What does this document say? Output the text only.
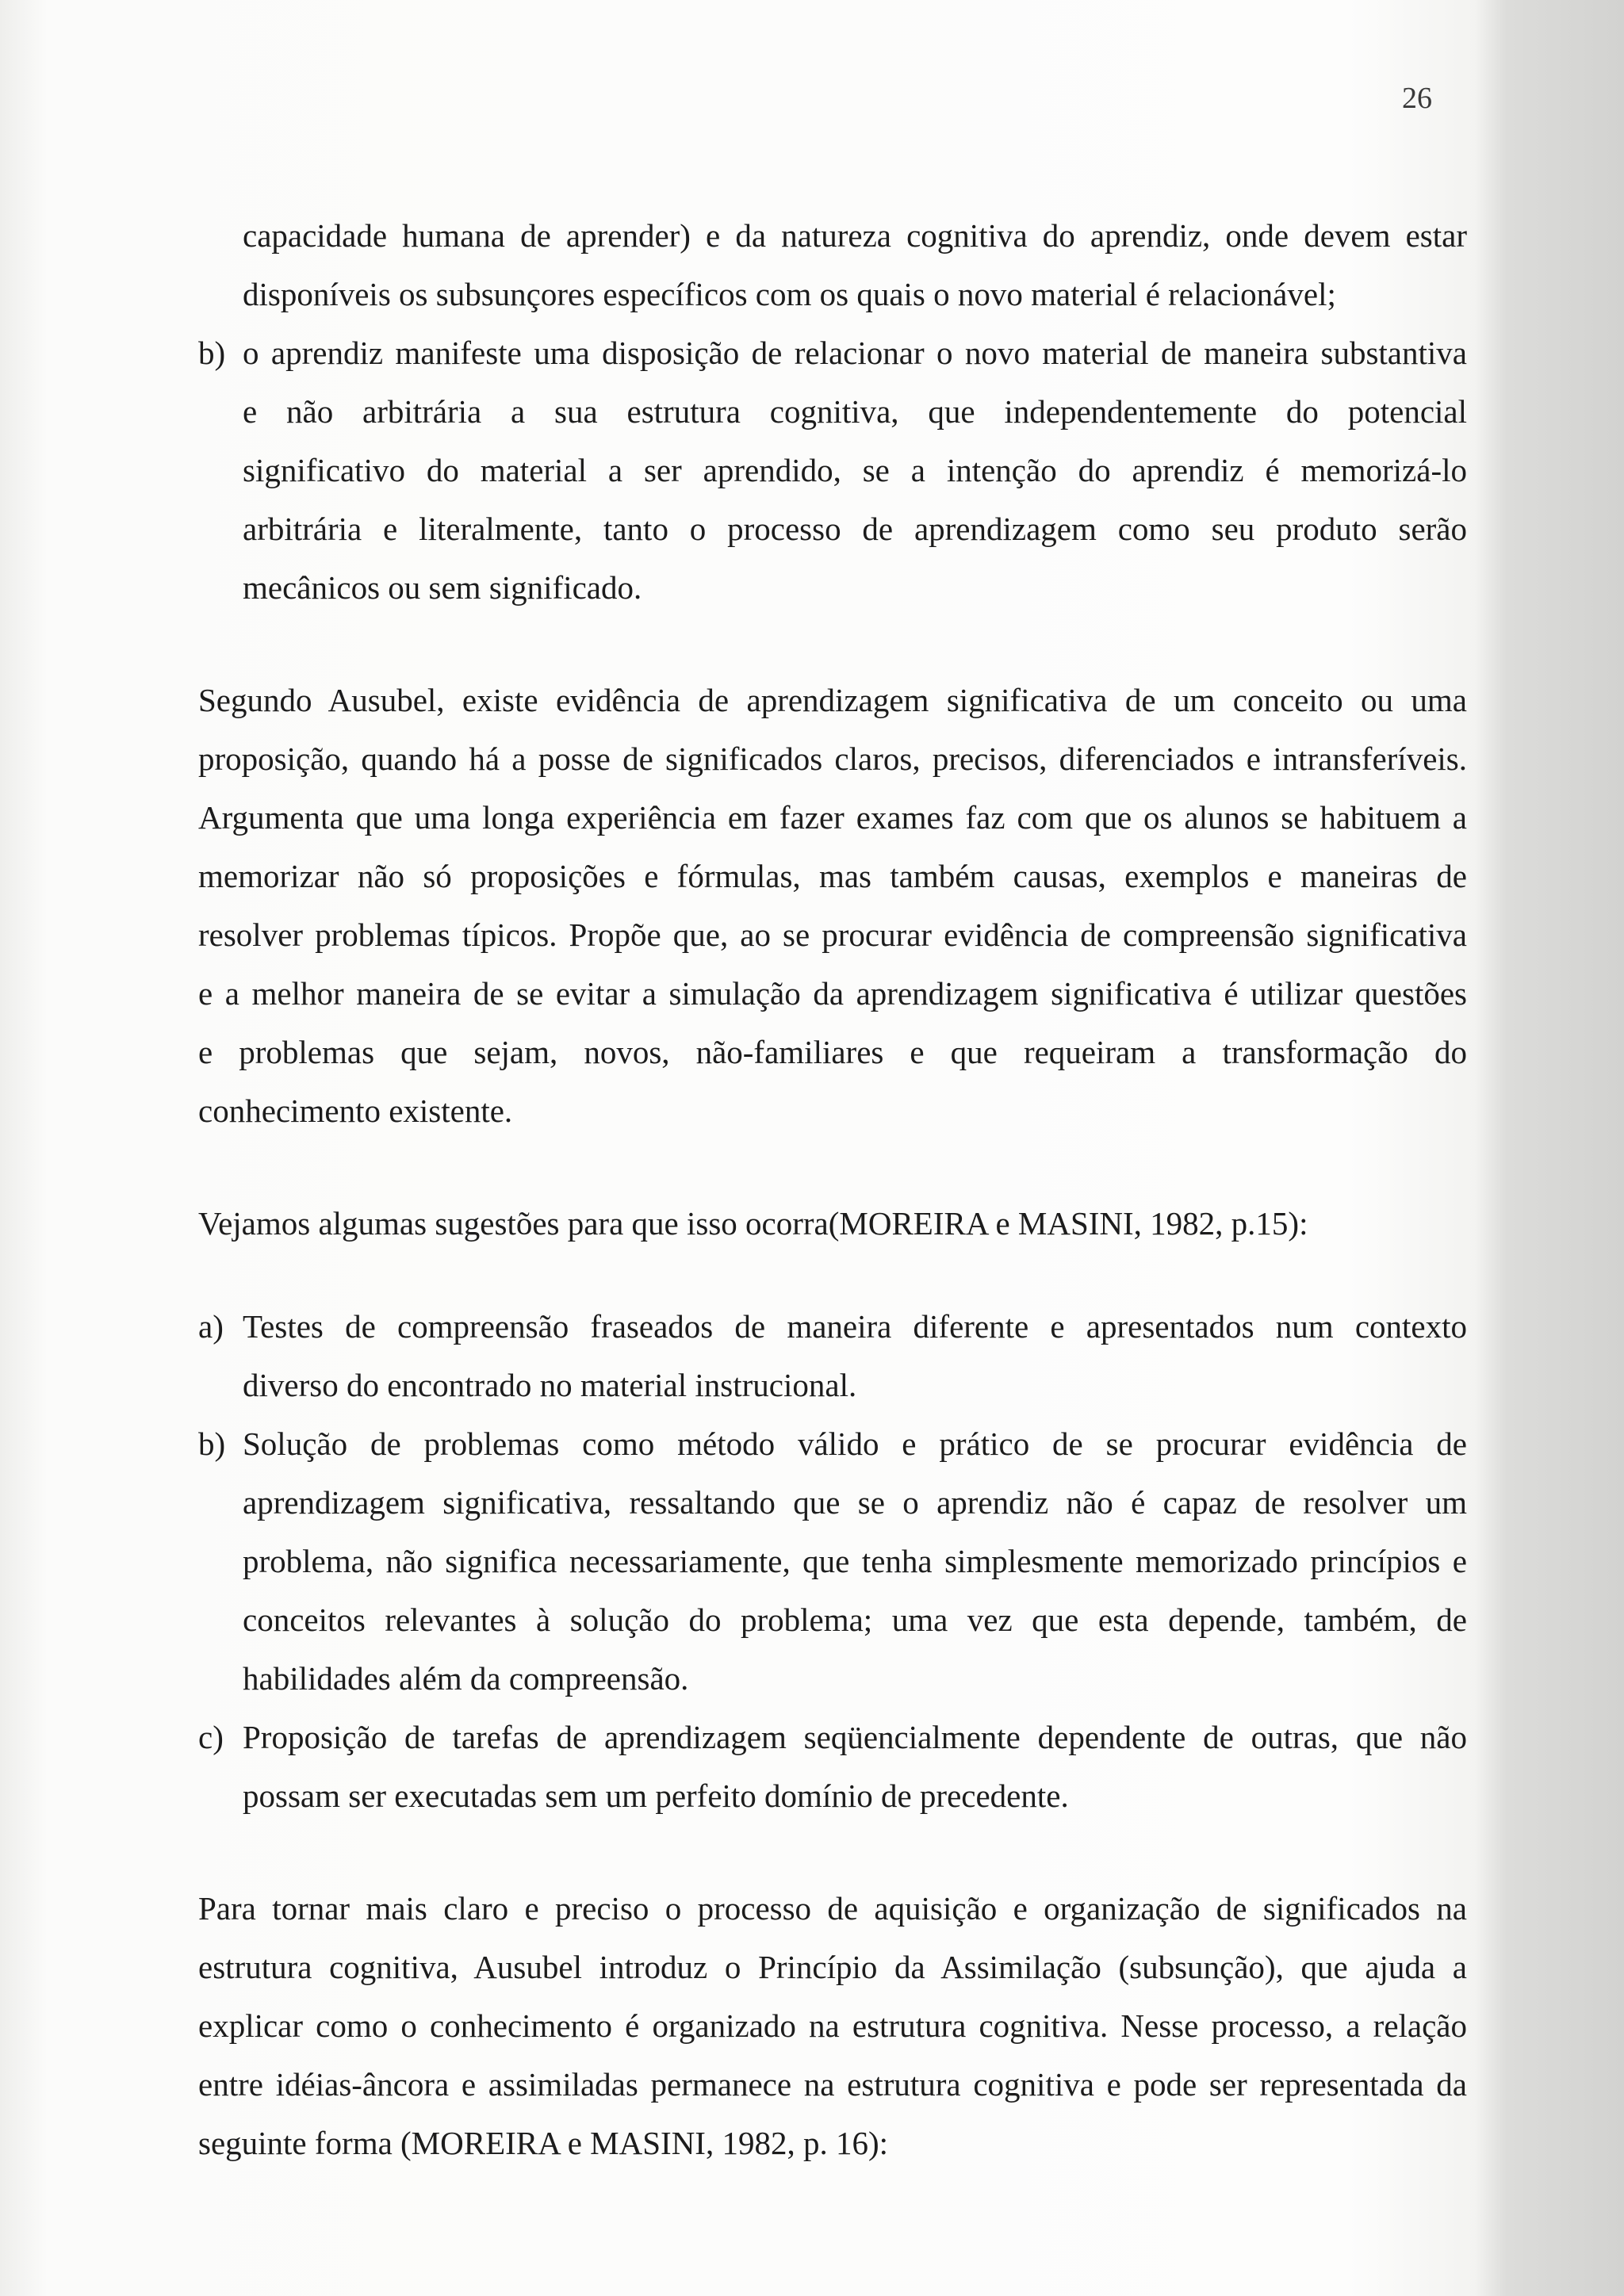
26
capacidade humana de aprender) e da natureza cognitiva do aprendiz, onde devem estar
disponíveis os subsunçores específicos com os quais o novo material é relacionável;
b) o aprendiz manifeste uma disposição de relacionar o novo material de maneira substantiva
e não arbitrária a sua estrutura cognitiva, que independentemente do potencial
significativo do material a ser aprendido, se a intenção do aprendiz é memorizá-lo
arbitrária e literalmente, tanto o processo de aprendizagem como seu produto serão
mecânicos ou sem significado.
Segundo Ausubel, existe evidência de aprendizagem significativa de um conceito ou uma
proposição, quando há a posse de significados claros, precisos, diferenciados e intransferíveis.
Argumenta que uma longa experiência em fazer exames faz com que os alunos se habituem a
memorizar não só proposições e fórmulas, mas também causas, exemplos e maneiras de
resolver problemas típicos. Propõe que, ao se procurar evidência de compreensão significativa
e a melhor maneira de se evitar a simulação da aprendizagem significativa é utilizar questões
e problemas que sejam, novos, não-familiares e que requeiram a transformação do
conhecimento existente.
Vejamos algumas sugestões para que isso ocorra(MOREIRA e MASINI, 1982, p.15):
a) Testes de compreensão fraseados de maneira diferente e apresentados num contexto
diverso do encontrado no material instrucional.
b) Solução de problemas como método válido e prático de se procurar evidência de
aprendizagem significativa, ressaltando que se o aprendiz não é capaz de resolver um
problema, não significa necessariamente, que tenha simplesmente memorizado princípios e
conceitos relevantes à solução do problema; uma vez que esta depende, também, de
habilidades além da compreensão.
c) Proposição de tarefas de aprendizagem seqüencialmente dependente de outras, que não
possam ser executadas sem um perfeito domínio de precedente.
Para tornar mais claro e preciso o processo de aquisição e organização de significados na
estrutura cognitiva, Ausubel introduz o Princípio da Assimilação (subsunção), que ajuda a
explicar como o conhecimento é organizado na estrutura cognitiva. Nesse processo, a relação
entre idéias-âncora e assimiladas permanece na estrutura cognitiva e pode ser representada da
seguinte forma (MOREIRA e MASINI, 1982, p. 16):
